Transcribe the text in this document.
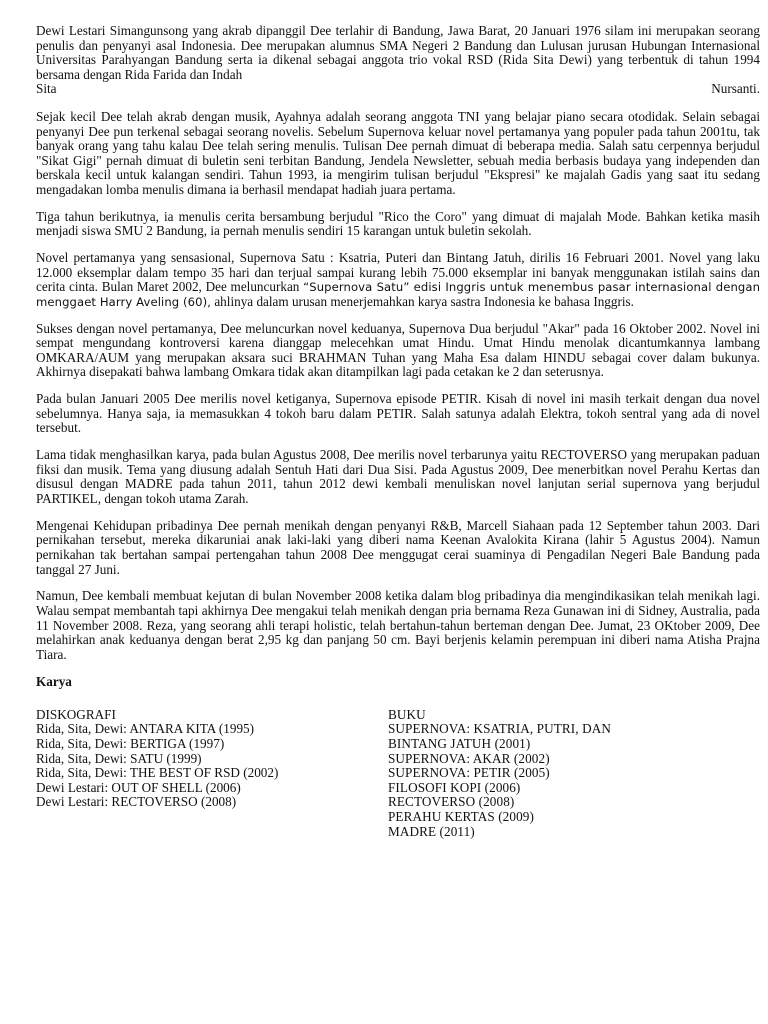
Dewi Lestari Simangunsong yang akrab dipanggil Dee terlahir di Bandung, Jawa Barat, 20 Januari 1976 silam ini merupakan seorang penulis dan penyanyi asal Indonesia. Dee merupakan alumnus SMA Negeri 2 Bandung dan Lulusan jurusan Hubungan Internasional Universitas Parahyangan Bandung serta ia dikenal sebagai anggota trio vokal RSD (Rida Sita Dewi) yang terbentuk di tahun 1994 bersama dengan Rida Farida dan Indah
Sita	Nursanti.

Sejak kecil Dee telah akrab dengan musik, Ayahnya adalah seorang anggota TNI yang belajar piano secara otodidak. Selain sebagai penyanyi Dee pun terkenal sebagai seorang novelis. Sebelum Supernova keluar novel pertamanya yang populer pada tahun 2001tu, tak banyak orang yang tahu kalau Dee telah sering menulis. Tulisan Dee pernah dimuat di beberapa media. Salah satu cerpennya berjudul "Sikat Gigi" pernah dimuat di buletin seni terbitan Bandung, Jendela Newsletter, sebuah media berbasis budaya yang independen dan berskala kecil untuk kalangan sendiri. Tahun 1993, ia mengirim tulisan berjudul "Ekspresi" ke majalah Gadis yang saat itu sedang mengadakan lomba menulis dimana ia berhasil mendapat hadiah juara pertama.

Tiga tahun berikutnya, ia menulis cerita bersambung berjudul "Rico the Coro" yang dimuat di majalah Mode. Bahkan ketika masih menjadi siswa SMU 2 Bandung, ia pernah menulis sendiri 15 karangan untuk buletin sekolah.

Novel pertamanya yang sensasional, Supernova Satu : Ksatria, Puteri dan Bintang Jatuh, dirilis 16 Februari 2001. Novel yang laku 12.000 eksemplar dalam tempo 35 hari dan terjual sampai kurang lebih 75.000 eksemplar ini banyak menggunakan istilah sains dan cerita cinta. Bulan Maret 2002, Dee meluncurkan “Supernova Satu” edisi Inggris untuk menembus pasar internasional dengan menggaet Harry Aveling (60), ahlinya dalam urusan menerjemahkan karya sastra Indonesia ke bahasa Inggris.

Sukses dengan novel pertamanya, Dee meluncurkan novel keduanya, Supernova Dua berjudul "Akar" pada 16 Oktober 2002. Novel ini sempat mengundang kontroversi karena dianggap melecehkan umat Hindu. Umat Hindu menolak dicantumkannya lambang OMKARA/AUM yang merupakan aksara suci BRAHMAN Tuhan yang Maha Esa dalam HINDU sebagai cover dalam bukunya. Akhirnya disepakati bahwa lambang Omkara tidak akan ditampilkan lagi pada cetakan ke 2 dan seterusnya.

Pada bulan Januari 2005 Dee merilis novel ketiganya, Supernova episode PETIR. Kisah di novel ini masih terkait dengan dua novel sebelumnya. Hanya saja, ia memasukkan 4 tokoh baru dalam PETIR. Salah satunya adalah Elektra, tokoh sentral yang ada di novel tersebut.

Lama tidak menghasilkan karya, pada bulan Agustus 2008, Dee merilis novel terbarunya yaitu RECTOVERSO yang merupakan paduan fiksi dan musik. Tema yang diusung adalah Sentuh Hati dari Dua Sisi. Pada Agustus 2009, Dee menerbitkan novel Perahu Kertas dan disusul dengan MADRE pada tahun 2011, tahun 2012 dewi kembali menuliskan novel lanjutan serial supernova yang berjudul PARTIKEL, dengan tokoh utama Zarah.

Mengenai Kehidupan pribadinya Dee pernah menikah dengan penyanyi R&B, Marcell Siahaan pada 12 September tahun 2003. Dari pernikahan tersebut, mereka dikaruniai anak laki-laki yang diberi nama Keenan Avalokita Kirana (lahir 5 Agustus 2004). Namun pernikahan tak bertahan sampai pertengahan tahun 2008 Dee menggugat cerai suaminya di Pengadilan Negeri Bale Bandung pada tanggal 27 Juni.

Namun, Dee kembali membuat kejutan di bulan November 2008 ketika dalam blog pribadinya dia mengindikasikan telah menikah lagi. Walau sempat membantah tapi akhirnya Dee mengakui telah menikah dengan pria bernama Reza Gunawan ini di Sidney, Australia, pada 11 November 2008. Reza, yang seorang ahli terapi holistic, telah bertahun-tahun berteman dengan Dee. Jumat, 23 OKtober 2009, Dee melahirkan anak keduanya dengan berat 2,95 kg dan panjang 50 cm. Bayi berjenis kelamin perempuan ini diberi nama Atisha Prajna Tiara.

Karya
DISKOGRAFI
Rida, Sita, Dewi: ANTARA KITA (1995)
Rida, Sita, Dewi: BERTIGA (1997)
Rida, Sita, Dewi: SATU (1999)
Rida, Sita, Dewi: THE BEST OF RSD (2002)
Dewi Lestari: OUT OF SHELL (2006)
Dewi Lestari: RECTOVERSO (2008)
BUKU
SUPERNOVA: KSATRIA, PUTRI, DAN
BINTANG JATUH (2001)
SUPERNOVA: AKAR (2002)
SUPERNOVA: PETIR (2005)
FILOSOFI KOPI (2006)
RECTOVERSO (2008)
PERAHU KERTAS (2009)
MADRE (2011)
